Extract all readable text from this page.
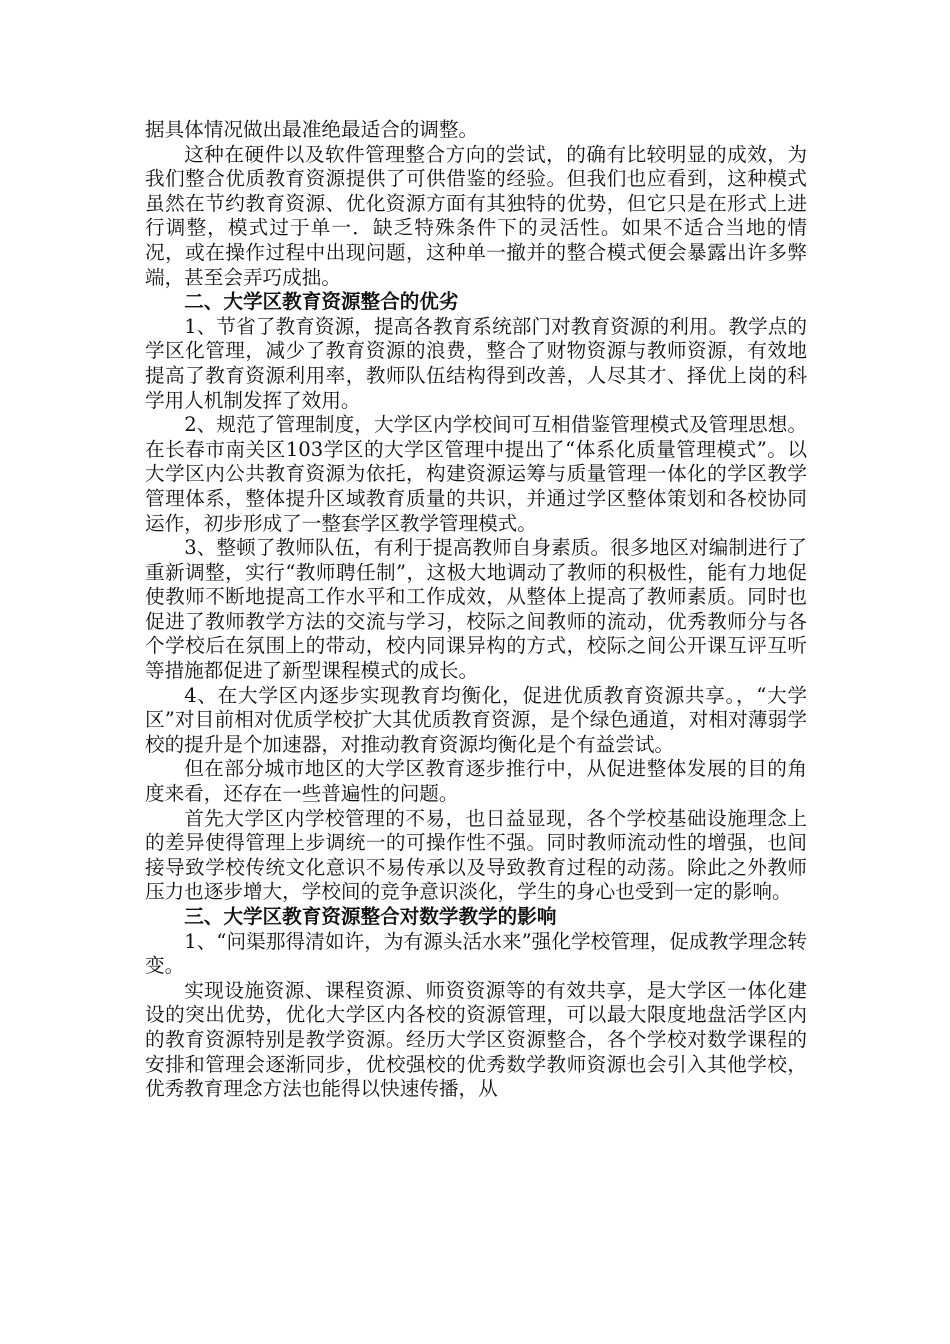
据具体情况做出最准绝最适合的调整。

这种在硬件以及软件管理整合方向的尝试，的确有比较明显的成效，为我们整合优质教育资源提供了可供借鉴的经验。但我们也应看到，这种模式虽然在节约教育资源、优化资源方面有其独特的优势，但它只是在形式上进行调整，模式过于单一．缺乏特殊条件下的灵活性。如果不适合当地的情况，或在操作过程中出现问题，这种单一撤并的整合模式便会暴露出许多弊端，甚至会弄巧成拙。

二、大学区教育资源整合的优劣

1、节省了教育资源，提高各教育系统部门对教育资源的利用。教学点的学区化管理，减少了教育资源的浪费，整合了财物资源与教师资源，有效地提高了教育资源利用率，教师队伍结构得到改善，人尽其才、择优上岗的科学用人机制发挥了效用。

2、规范了管理制度，大学区内学校间可互相借鉴管理模式及管理思想。在长春市南关区103学区的大学区管理中提出了“体系化质量管理模式”。以大学区内公共教育资源为依托，构建资源运筹与质量管理一体化的学区教学管理体系，整体提升区域教育质量的共识，并通过学区整体策划和各校协同运作，初步形成了一整套学区教学管理模式。

3、整顿了教师队伍，有利于提高教师自身素质。很多地区对编制进行了重新调整，实行“教师聘任制”，这极大地调动了教师的积极性，能有力地促使教师不断地提高工作水平和工作成效，从整体上提高了教师素质。同时也促进了教师教学方法的交流与学习，校际之间教师的流动，优秀教师分与各个学校后在氛围上的带动，校内同课异构的方式，校际之间公开课互评互听等措施都促进了新型课程模式的成长。

4、在大学区内逐步实现教育均衡化，促进优质教育资源共享。，“大学区”对目前相对优质学校扩大其优质教育资源，是个绿色通道，对相对薄弱学校的提升是个加速器，对推动教育资源均衡化是个有益尝试。

但在部分城市地区的大学区教育逐步推行中，从促进整体发展的目的角度来看，还存在一些普遍性的问题。

首先大学区内学校管理的不易，也日益显现，各个学校基础设施理念上的差异使得管理上步调统一的可操作性不强。同时教师流动性的增强，也间接导致学校传统文化意识不易传承以及导致教育过程的动荡。除此之外教师压力也逐步增大，学校间的竞争意识淡化，学生的身心也受到一定的影响。

三、大学区教育资源整合对数学教学的影响

1、“问渠那得清如许，为有源头活水来”强化学校管理，促成教学理念转变。

实现设施资源、课程资源、师资资源等的有效共享，是大学区一体化建设的突出优势，优化大学区内各校的资源管理，可以最大限度地盘活学区内的教育资源特别是教学资源。经历大学区资源整合，各个学校对数学课程的安排和管理会逐渐同步，优校强校的优秀数学教师资源也会引入其他学校，优秀教育理念方法也能得以快速传播，从
